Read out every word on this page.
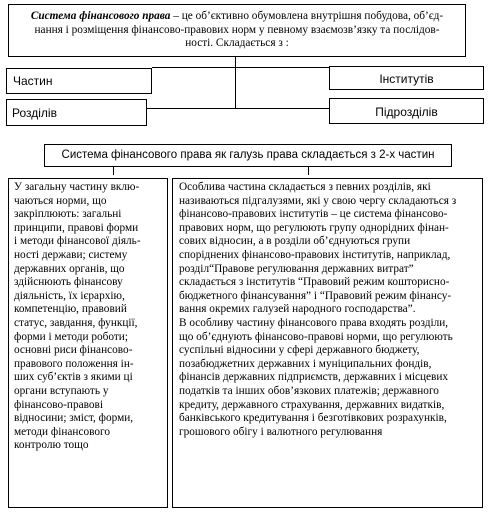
Система фінансового права – це об’єктивно обумовлена внутрішня побудова, об’єд-
нання і розміщення фінансово-правових норм у певному взаємозв’язку та послідов-
ності. Складається з :
Частин	Інститутів
Розділів	Підрозділів
Система фінансового права як галузь права складається з 2-х частин
У загальну частину вклю-
чаються норми, що
закріплюють: загальні
принципи, правові форми
і методи фінансової діяль-
ності держави; систему
державних органів, що
здійснюють фінансову
діяльність, їх ієрархію,
компетенцію, правовий
статус, завдання, функції,
форми і методи роботи;
основні риси фінансово-
правового положення ін-
ших суб’єктів з якими ці
органи вступають у
фінансово-правові
відносини; зміст, форми,
методи фінансового
контролю тощо
Особлива частина складається з певних розділів, які
називаються підгалузями, які у свою чергу складаються з
фінансово-правових інститутів – це система фінансово-
правових норм, що регулюють групу однорідних фінан-
сових відносин, а в розділи об’єднуються групи
споріднених фінансово-правових інститутів, наприклад,
розділ“Правове регулювання державних витрат”
складається з інститутів “Правовий режим кошторисно-
бюджетного фінансування” і “Правовий режим фінансу-
вання окремих галузей народного господарства”.
В особливу частину фінансового права входять розділи,
що об’єднують фінансово-правові норми, що регулюють
суспільні відносини у сфері державного бюджету,
позабюджетних державних і муніципальних фондів,
фінансів державних підприємств, державних і місцевих
податків та інших обов’язкових платежів; державного
кредиту, державного страхування, державних видатків,
банківського кредитування і безготівкових розрахунків,
грошового обігу і валютного регулювання
